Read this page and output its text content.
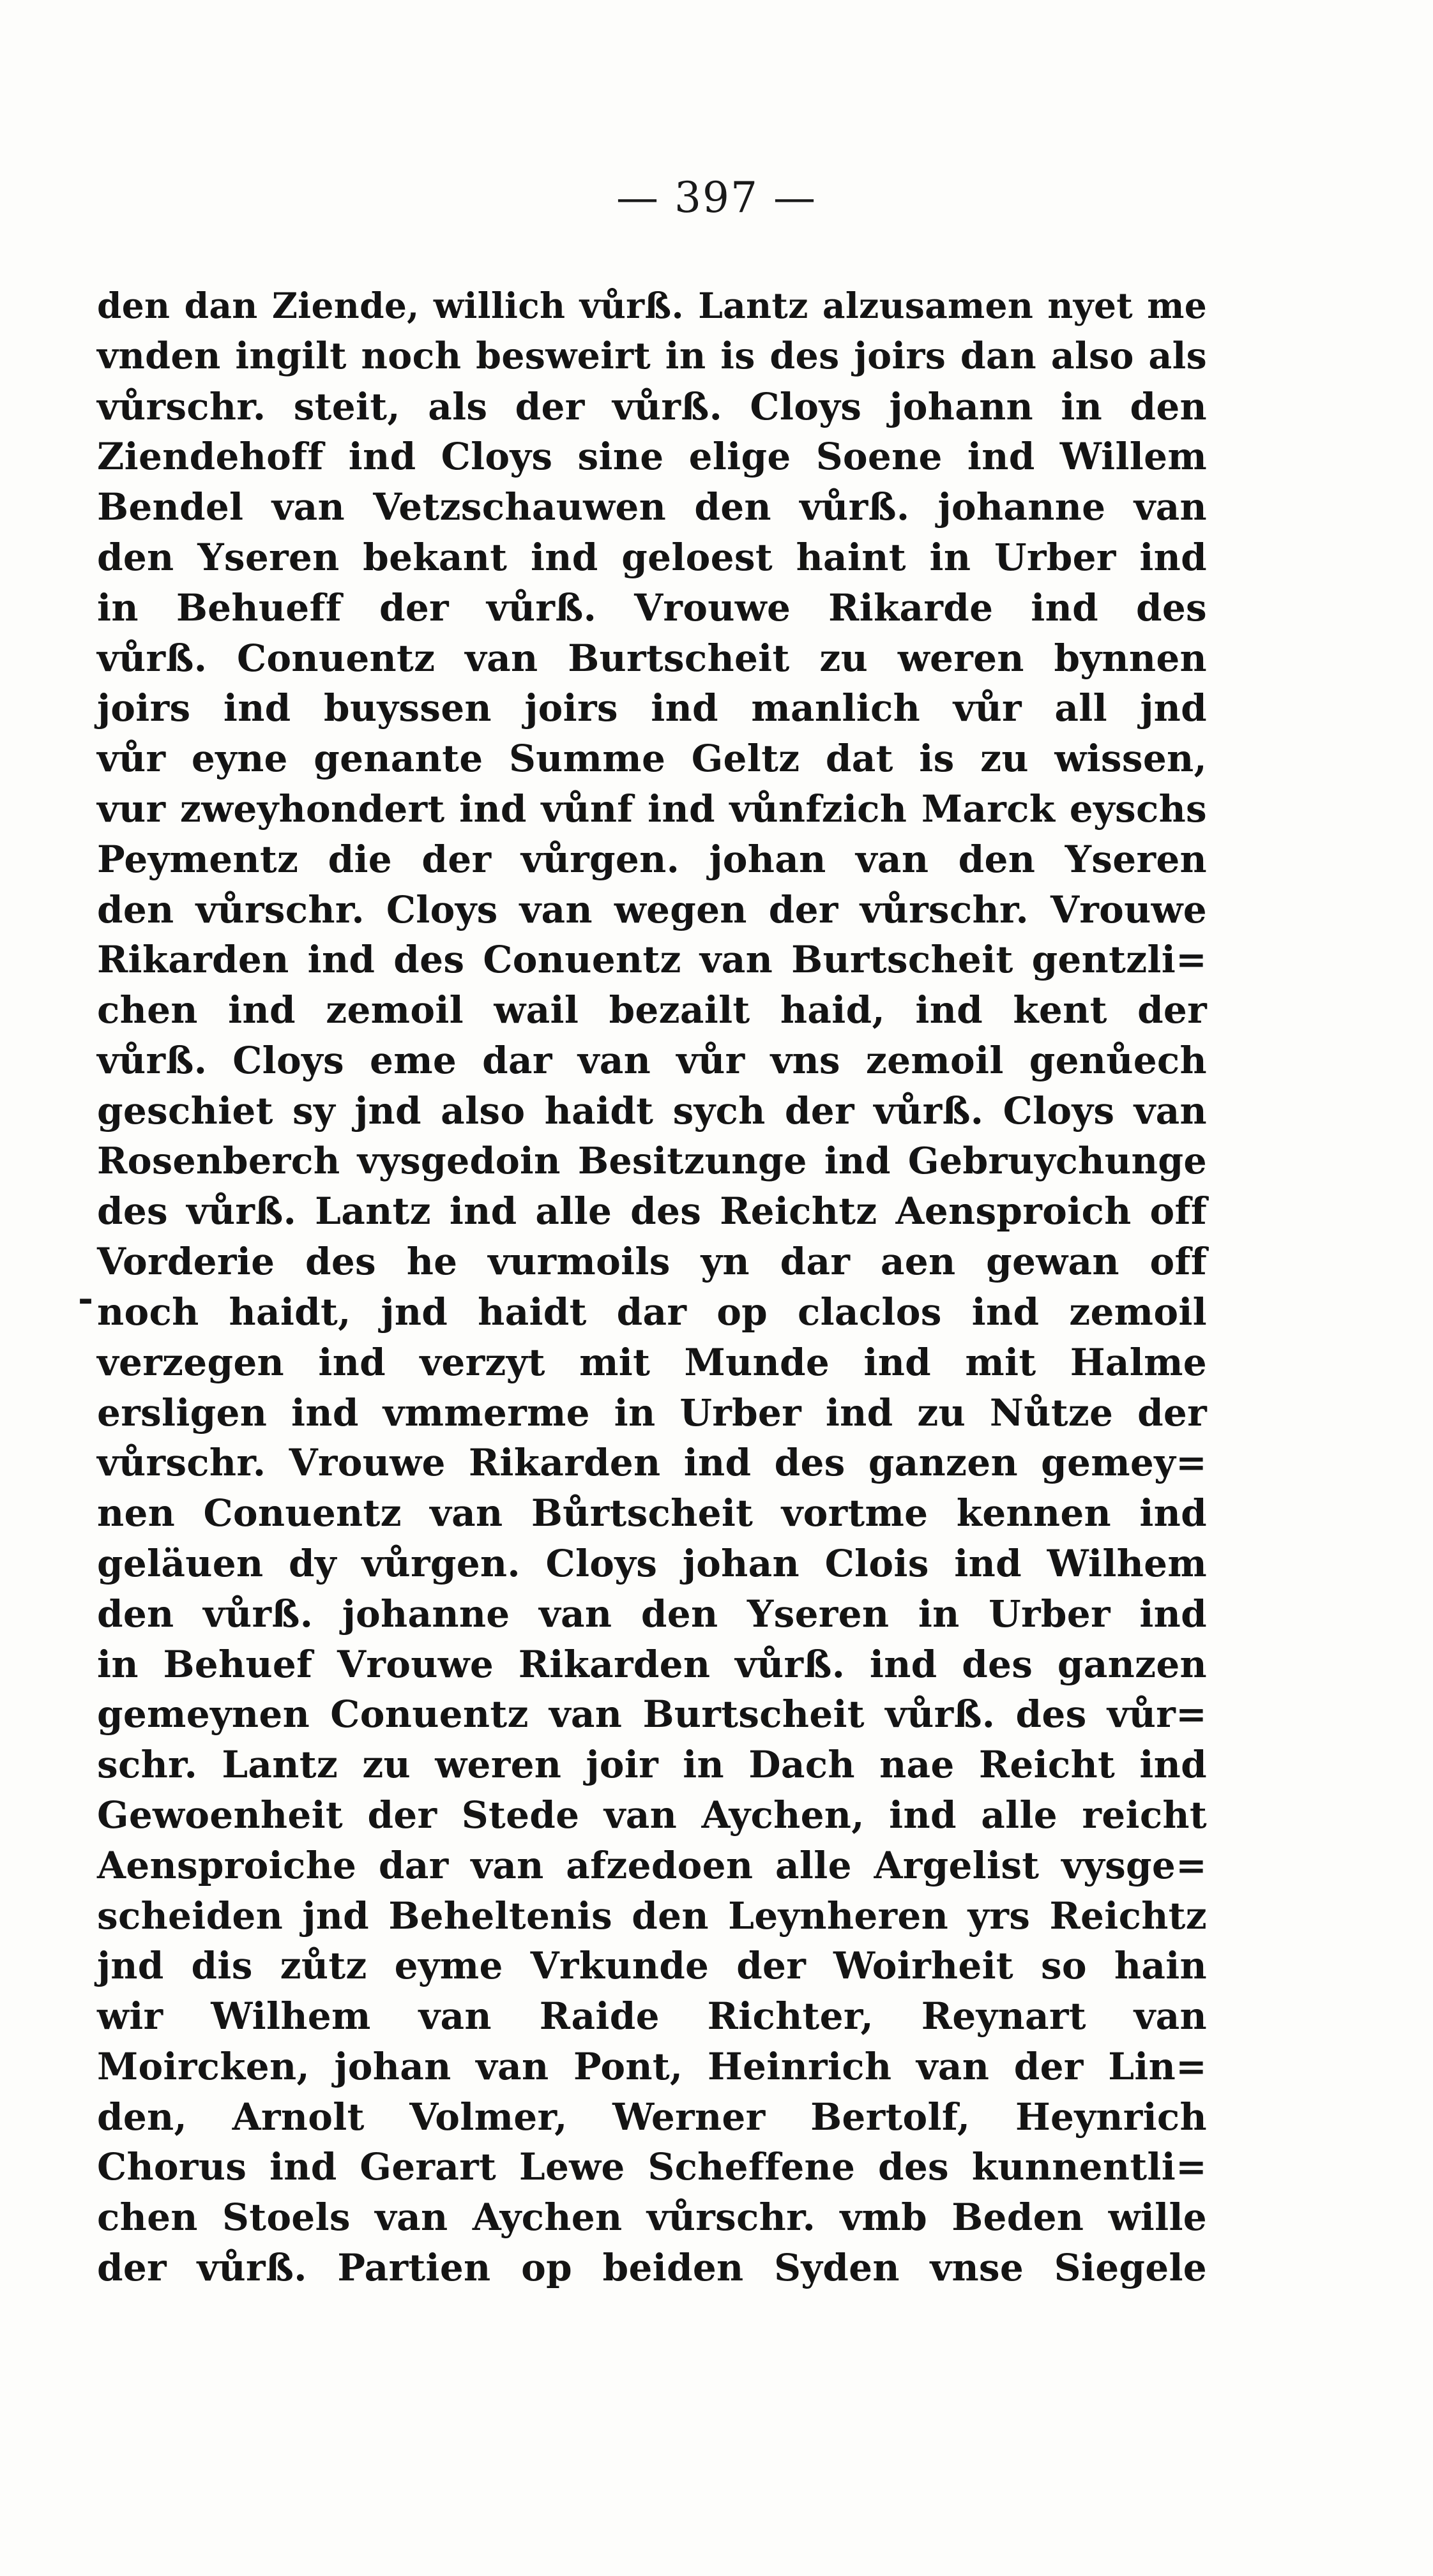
— 397 —
-
den dan Ziende, willich vůrß. Lantz alzusamen nyet me
vnden ingilt noch besweirt in is des joirs dan also als
vůrschr. steit, als der vůrß. Cloys johann in den
Ziendehoff ind Cloys sine elige Soene ind Willem
Bendel van Vetzschauwen den vůrß. johanne van
den Yseren bekant ind geloest haint in Urber ind
in Behueff der vůrß. Vrouwe Rikarde ind des
vůrß. Conuentz van Burtscheit zu weren bynnen
joirs ind buyssen joirs ind manlich vůr all jnd
vůr eyne genante Summe Geltz dat is zu wissen,
vur zweyhondert ind vůnf ind vůnfzich Marck eyschs
Peymentz die der vůrgen. johan van den Yseren
den vůrschr. Cloys van wegen der vůrschr. Vrouwe
Rikarden ind des Conuentz van Burtscheit gentzli=
chen ind zemoil wail bezailt haid, ind kent der
vůrß. Cloys eme dar van vůr vns zemoil genůech
geschiet sy jnd also haidt sych der vůrß. Cloys van
Rosenberch vysgedoin Besitzunge ind Gebruychunge
des vůrß. Lantz ind alle des Reichtz Aensproich off
Vorderie des he vurmoils yn dar aen gewan off
noch haidt, jnd haidt dar op claclos ind zemoil
verzegen ind verzyt mit Munde ind mit Halme
ersligen ind vmmerme in Urber ind zu Nůtze der
vůrschr. Vrouwe Rikarden ind des ganzen gemey=
nen Conuentz van Bůrtscheit vortme kennen ind
geläuen dy vůrgen. Cloys johan Clois ind Wilhem
den vůrß. johanne van den Yseren in Urber ind
in Behuef Vrouwe Rikarden vůrß. ind des ganzen
gemeynen Conuentz van Burtscheit vůrß. des vůr=
schr. Lantz zu weren joir in Dach nae Reicht ind
Gewoenheit der Stede van Aychen, ind alle reicht
Aensproiche dar van afzedoen alle Argelist vysge=
scheiden jnd Beheltenis den Leynheren yrs Reichtz
jnd dis zůtz eyme Vrkunde der Woirheit so hain
wir Wilhem van Raide Richter, Reynart van
Moircken, johan van Pont, Heinrich van der Lin=
den, Arnolt Volmer, Werner Bertolf, Heynrich
Chorus ind Gerart Lewe Scheffene des kunnentli=
chen Stoels van Aychen vůrschr. vmb Beden wille
der vůrß. Partien op beiden Syden vnse Siegele
